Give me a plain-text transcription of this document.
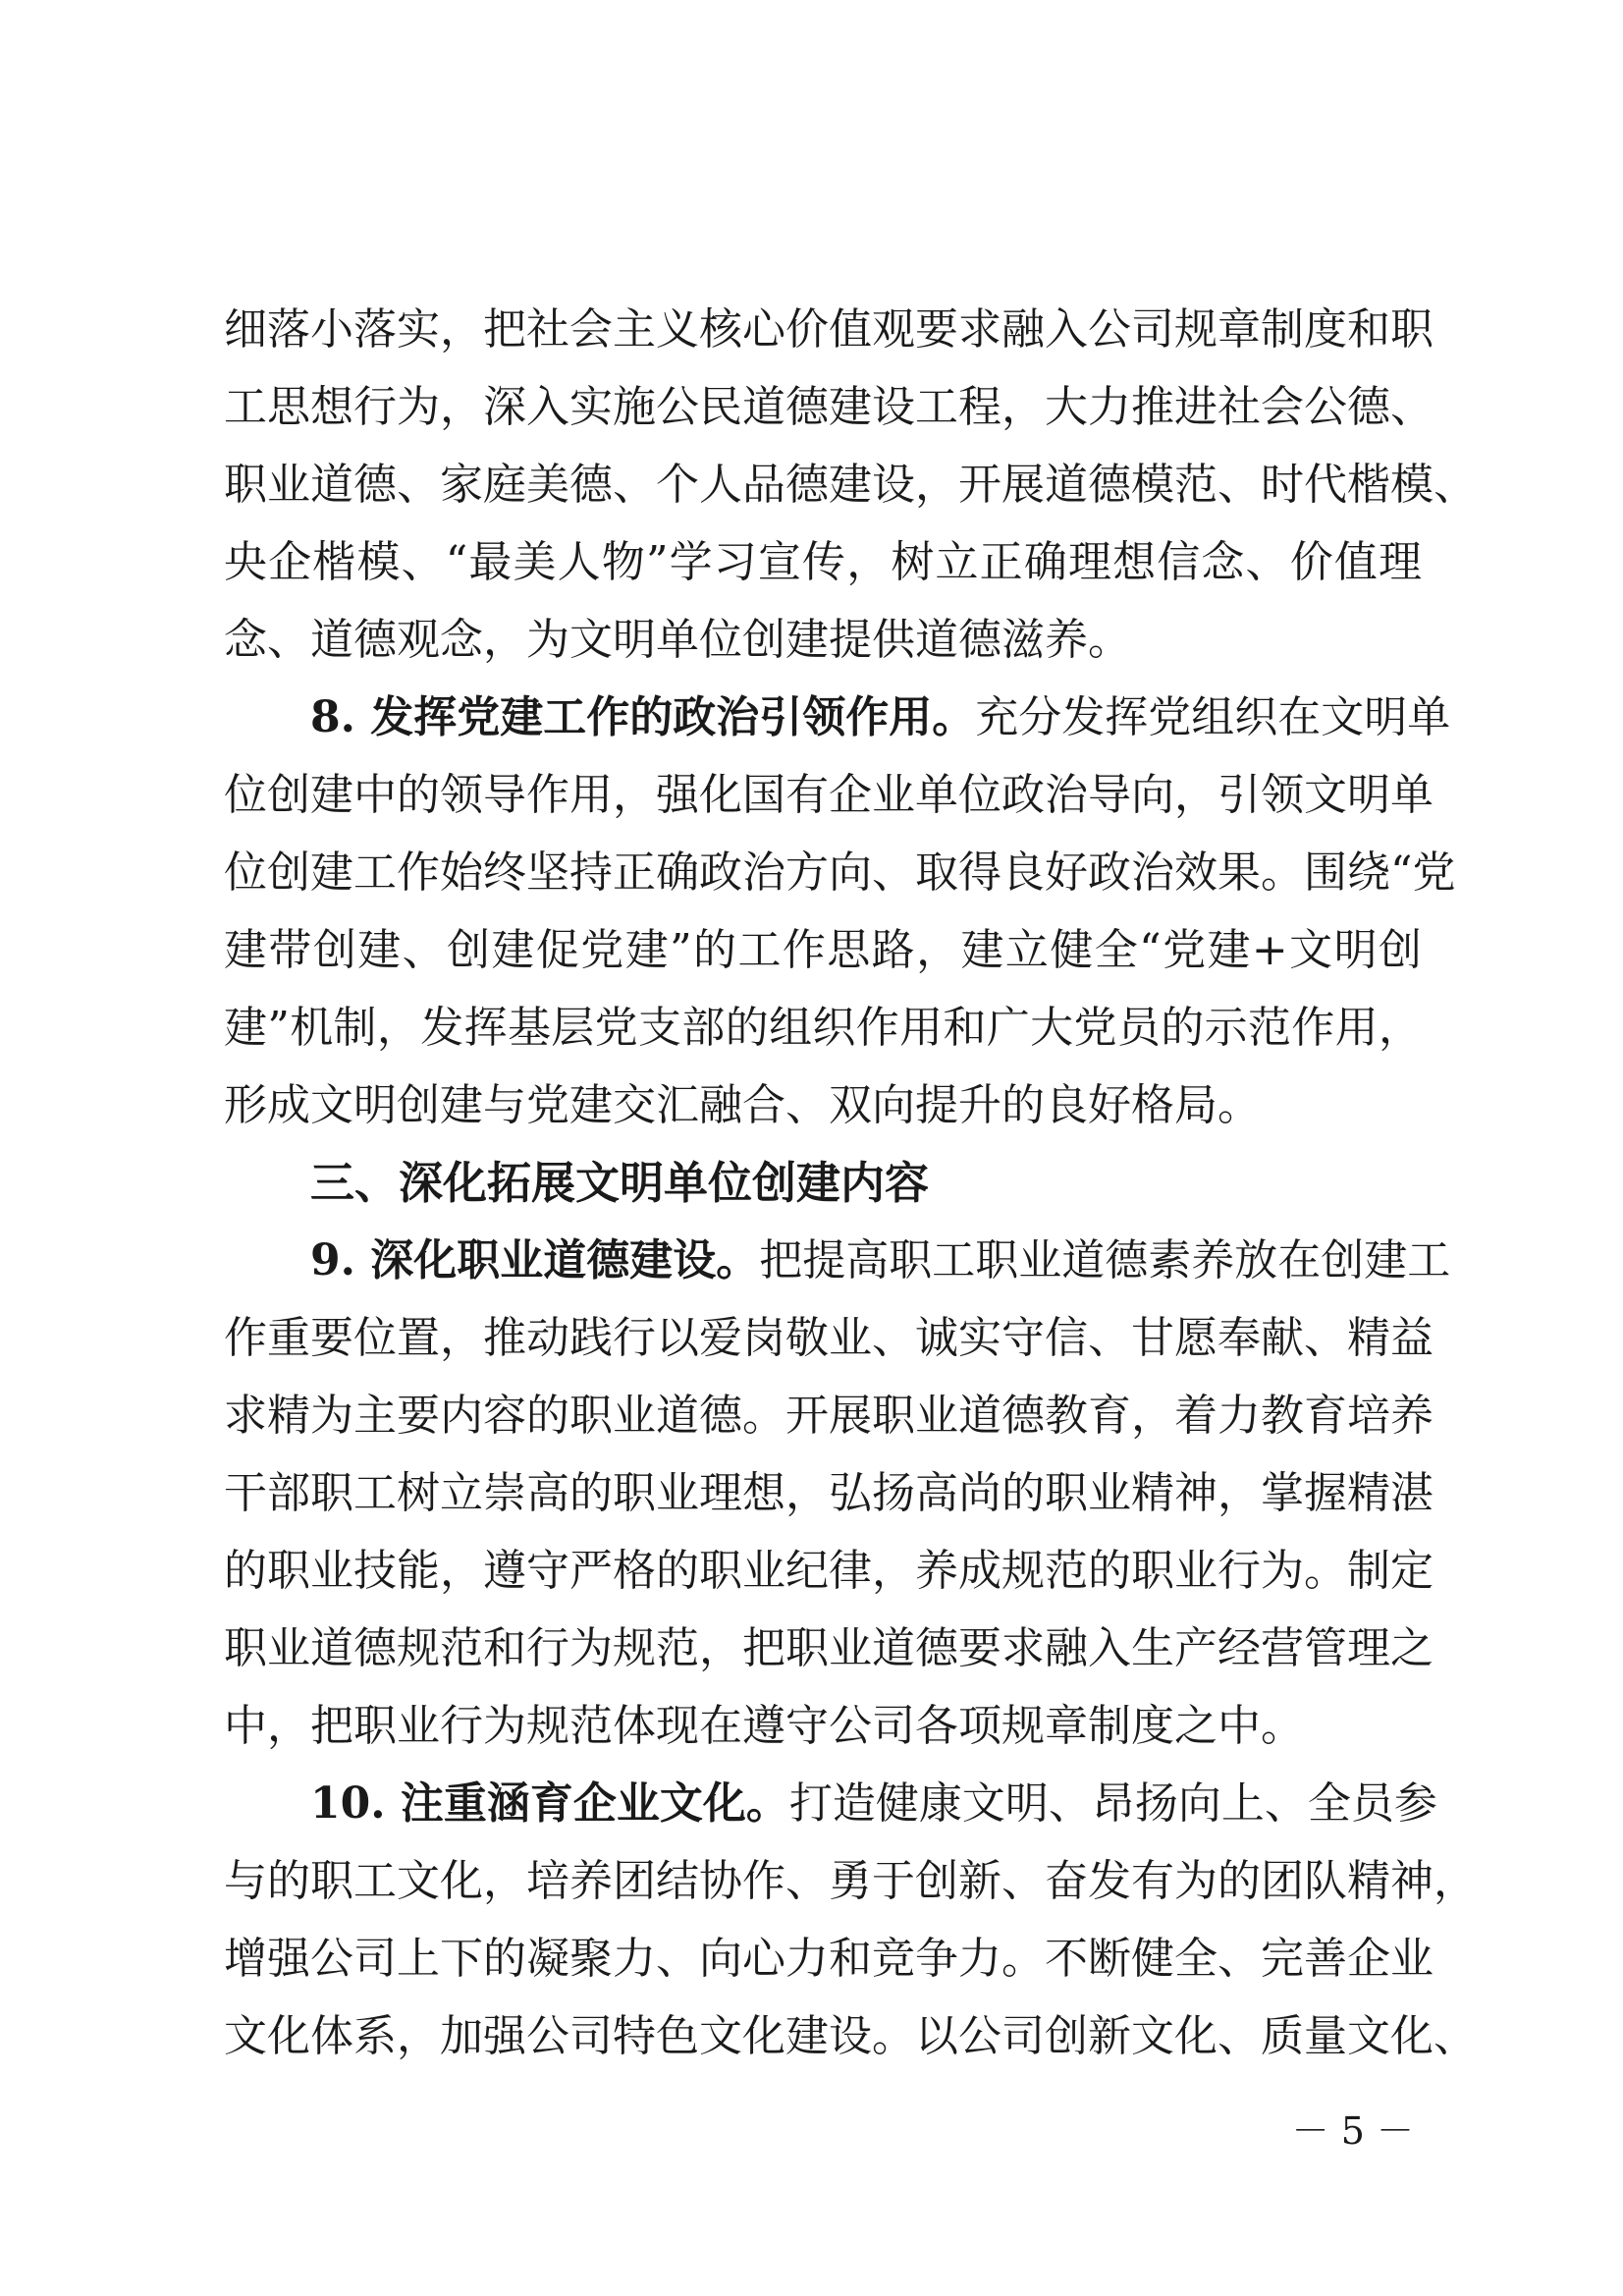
细落小落实，把社会主义核心价值观要求融入公司规章制度和职
工思想行为，深入实施公民道德建设工程，大力推进社会公德、
职业道德、家庭美德、个人品德建设，开展道德模范、时代楷模、
央企楷模、“最美人物”学习宣传，树立正确理想信念、价值理
念、道德观念，为文明单位创建提供道德滋养。
8. 发挥党建工作的政治引领作用。充分发挥党组织在文明单
位创建中的领导作用，强化国有企业单位政治导向，引领文明单
位创建工作始终坚持正确政治方向、取得良好政治效果。围绕“党
建带创建、创建促党建”的工作思路，建立健全“党建+文明创
建”机制，发挥基层党支部的组织作用和广大党员的示范作用，
形成文明创建与党建交汇融合、双向提升的良好格局。
三、深化拓展文明单位创建内容
9. 深化职业道德建设。把提高职工职业道德素养放在创建工
作重要位置，推动践行以爱岗敬业、诚实守信、甘愿奉献、精益
求精为主要内容的职业道德。开展职业道德教育，着力教育培养
干部职工树立崇高的职业理想，弘扬高尚的职业精神，掌握精湛
的职业技能，遵守严格的职业纪律，养成规范的职业行为。制定
职业道德规范和行为规范，把职业道德要求融入生产经营管理之
中，把职业行为规范体现在遵守公司各项规章制度之中。
10. 注重涵育企业文化。打造健康文明、昂扬向上、全员参
与的职工文化，培养团结协作、勇于创新、奋发有为的团队精神，
增强公司上下的凝聚力、向心力和竞争力。不断健全、完善企业
文化体系，加强公司特色文化建设。以公司创新文化、质量文化、
－ 5 －
